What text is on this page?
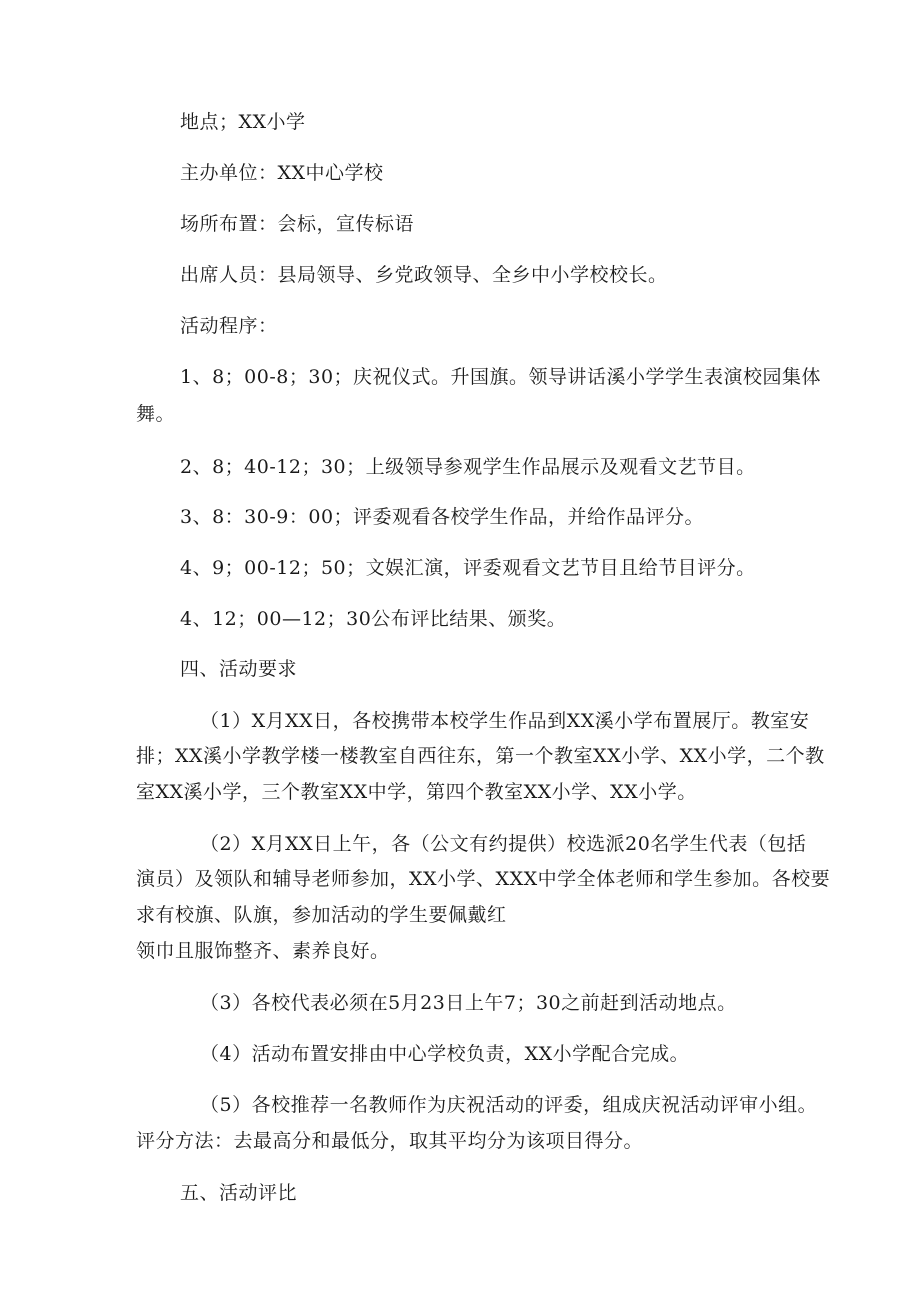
地点；XX小学
主办单位：XX中心学校
场所布置：会标，宣传标语
出席人员：县局领导、乡党政领导、全乡中小学校校长。
活动程序：
1、8；00-8；30；庆祝仪式。升国旗。领导讲话溪小学学生表演校园集体
舞。
2、8；40-12；30；上级领导参观学生作品展示及观看文艺节目。
3、8：30-9：00；评委观看各校学生作品，并给作品评分。
4、9；00-12；50；文娱汇演，评委观看文艺节目且给节目评分。
4、12；00—12；30公布评比结果、颁奖。
四、活动要求
（1）X月XX日，各校携带本校学生作品到XX溪小学布置展厅。教室安
排；XX溪小学教学楼一楼教室自西往东，第一个教室XX小学、XX小学，二个教
室XX溪小学，三个教室XX中学，第四个教室XX小学、XX小学。
（2）X月XX日上午，各（公文有约提供）校选派20名学生代表（包括
演员）及领队和辅导老师参加，XX小学、XXX中学全体老师和学生参加。各校要
求有校旗、队旗，参加活动的学生要佩戴红
领巾且服饰整齐、素养良好。
（3）各校代表必须在5月23日上午7；30之前赶到活动地点。
（4）活动布置安排由中心学校负责，XX小学配合完成。
（5）各校推荐一名教师作为庆祝活动的评委，组成庆祝活动评审小组。
评分方法：去最高分和最低分，取其平均分为该项目得分。
五、活动评比
